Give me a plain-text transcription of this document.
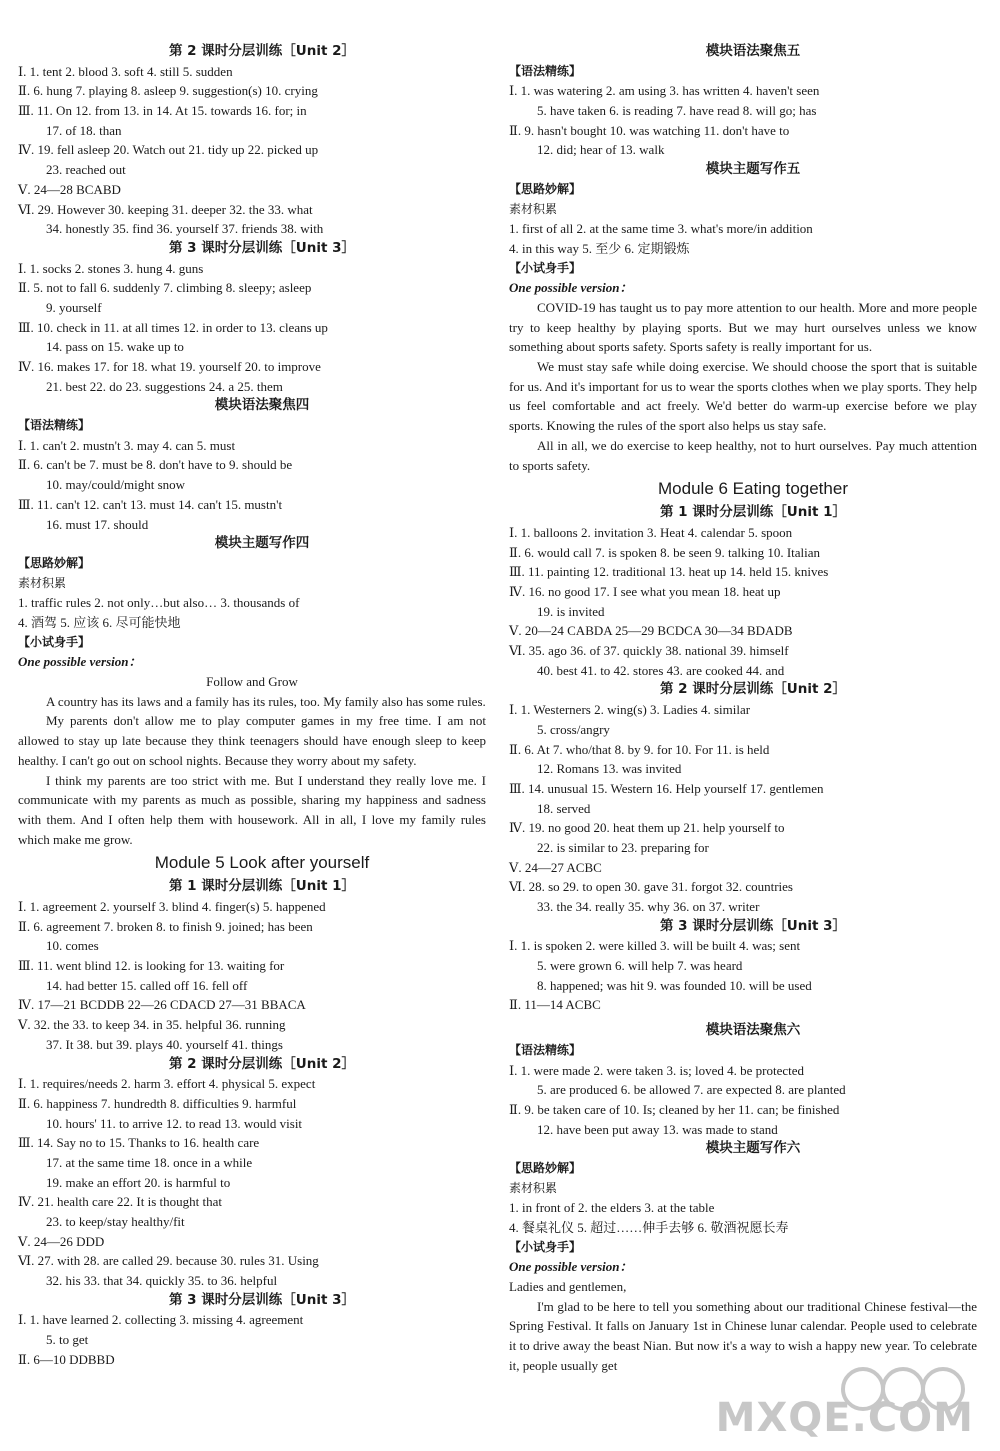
第 2 课时分层训练［Unit 2］
Ⅰ. 1. tent 2. blood 3. soft 4. still 5. sudden
Ⅱ. 6. hung 7. playing 8. asleep 9. suggestion(s) 10. crying
Ⅲ. 11. On 12. from 13. in 14. At 15. towards 16. for; in
17. of 18. than
Ⅳ. 19. fell asleep 20. Watch out 21. tidy up 22. picked up
23. reached out
Ⅴ. 24—28 BCABD
Ⅵ. 29. However 30. keeping 31. deeper 32. the 33. what
34. honestly 35. find 36. yourself 37. friends 38. with
第 3 课时分层训练［Unit 3］
Ⅰ. 1. socks 2. stones 3. hung 4. guns
Ⅱ. 5. not to fall 6. suddenly 7. climbing 8. sleepy; asleep
9. yourself
Ⅲ. 10. check in 11. at all times 12. in order to 13. cleans up
14. pass on 15. wake up to
Ⅳ. 16. makes 17. for 18. what 19. yourself 20. to improve
21. best 22. do 23. suggestions 24. a 25. them
模块语法聚焦四
【语法精练】
Ⅰ. 1. can't 2. mustn't 3. may 4. can 5. must
Ⅱ. 6. can't be 7. must be 8. don't have to 9. should be
10. may/could/might snow
Ⅲ. 11. can't 12. can't 13. must 14. can't 15. mustn't
16. must 17. should
模块主题写作四
【思路妙解】
素材积累
1. traffic rules 2. not only…but also… 3. thousands of
4. 酒驾 5. 应该 6. 尽可能快地
【小试身手】
One possible version：
Follow and Grow

A country has its laws and a family has its rules, too. My family also has some rules.

My parents don't allow me to play computer games in my free time. I am not allowed to stay up late because they think teenagers should have enough sleep to keep healthy. I can't go out on school nights. Because they worry about my safety.

I think my parents are too strict with me. But I understand they really love me. I communicate with my parents as much as possible, sharing my happiness and sadness with them. And I often help them with housework. All in all, I love my family rules which make me grow.

Module 5 Look after yourself
第 1 课时分层训练［Unit 1］
Ⅰ. 1. agreement 2. yourself 3. blind 4. finger(s) 5. happened
Ⅱ. 6. agreement 7. broken 8. to finish 9. joined; has been
10. comes
Ⅲ. 11. went blind 12. is looking for 13. waiting for
14. had better 15. called off 16. fell off
Ⅳ. 17—21 BCDDB 22—26 CDACD 27—31 BBACA
Ⅴ. 32. the 33. to keep 34. in 35. helpful 36. running
37. It 38. but 39. plays 40. yourself 41. things
第 2 课时分层训练［Unit 2］
Ⅰ. 1. requires/needs 2. harm 3. effort 4. physical 5. expect
Ⅱ. 6. happiness 7. hundredth 8. difficulties 9. harmful
10. hours' 11. to arrive 12. to read 13. would visit
Ⅲ. 14. Say no to 15. Thanks to 16. health care
17. at the same time 18. once in a while
19. make an effort 20. is harmful to
Ⅳ. 21. health care 22. It is thought that
23. to keep/stay healthy/fit
Ⅴ. 24—26 DDD
Ⅵ. 27. with 28. are called 29. because 30. rules 31. Using
32. his 33. that 34. quickly 35. to 36. helpful
第 3 课时分层训练［Unit 3］
Ⅰ. 1. have learned 2. collecting 3. missing 4. agreement
5. to get
Ⅱ. 6—10 DDBBD
模块语法聚焦五
【语法精练】
Ⅰ. 1. was watering 2. am using 3. has written 4. haven't seen
5. have taken 6. is reading 7. have read 8. will go; has
Ⅱ. 9. hasn't bought 10. was watching 11. don't have to
12. did; hear of 13. walk
模块主题写作五
【思路妙解】
素材积累
1. first of all 2. at the same time 3. what's more/in addition
4. in this way 5. 至少 6. 定期锻炼
【小试身手】
One possible version：

COVID-19 has taught us to pay more attention to our health. More and more people try to keep healthy by playing sports. But we may hurt ourselves unless we know something about sports safety. Sports safety is really important for us.

We must stay safe while doing exercise. We should choose the sport that is suitable for us. And it's important for us to wear the sports clothes when we play sports. They help us feel comfortable and act freely. We'd better do warm-up exercise before we play sports. Knowing the rules of the sport also helps us stay safe.

All in all, we do exercise to keep healthy, not to hurt ourselves. Pay much attention to sports safety.

Module 6 Eating together
第 1 课时分层训练［Unit 1］
Ⅰ. 1. balloons 2. invitation 3. Heat 4. calendar 5. spoon
Ⅱ. 6. would call 7. is spoken 8. be seen 9. talking 10. Italian
Ⅲ. 11. painting 12. traditional 13. heat up 14. held 15. knives
Ⅳ. 16. no good 17. I see what you mean 18. heat up
19. is invited
Ⅴ. 20—24 CABDA 25—29 BCDCA 30—34 BDADB
Ⅵ. 35. ago 36. of 37. quickly 38. national 39. himself
40. best 41. to 42. stores 43. are cooked 44. and
第 2 课时分层训练［Unit 2］
Ⅰ. 1. Westerners 2. wing(s) 3. Ladies 4. similar
5. cross/angry
Ⅱ. 6. At 7. who/that 8. by 9. for 10. For 11. is held
12. Romans 13. was invited
Ⅲ. 14. unusual 15. Western 16. Help yourself 17. gentlemen
18. served
Ⅳ. 19. no good 20. heat them up 21. help yourself to
22. is similar to 23. preparing for
Ⅴ. 24—27 ACBC
Ⅵ. 28. so 29. to open 30. gave 31. forgot 32. countries
33. the 34. really 35. why 36. on 37. writer
第 3 课时分层训练［Unit 3］
Ⅰ. 1. is spoken 2. were killed 3. will be built 4. was; sent
5. were grown 6. will help 7. was heard
8. happened; was hit 9. was founded 10. will be used
Ⅱ. 11—14 ACBC
模块语法聚焦六
【语法精练】
Ⅰ. 1. were made 2. were taken 3. is; loved 4. be protected
5. are produced 6. be allowed 7. are expected 8. are planted
Ⅱ. 9. be taken care of 10. Is; cleaned by her 11. can; be finished
12. have been put away 13. was made to stand
模块主题写作六
【思路妙解】
素材积累
1. in front of 2. the elders 3. at the table
4. 餐桌礼仪 5. 超过……伸手去够 6. 敬酒祝愿长寿
【小试身手】
One possible version：
Ladies and gentlemen,

I'm glad to be here to tell you something about our traditional Chinese festival—the Spring Festival. It falls on January 1st in Chinese lunar calendar. People used to celebrate it to drive away the beast Nian. But now it's a way to wish a happy new year. To celebrate it, people usually get

MXQE.COM
